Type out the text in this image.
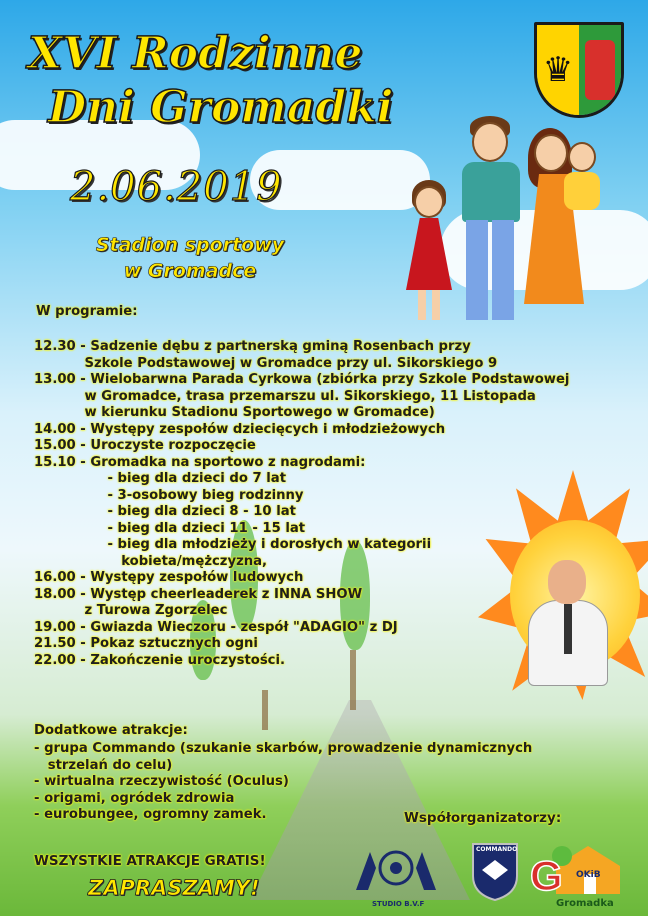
♛
XVI Rodzinne
Dni Gromadki
2.06.2019
Stadion sportowy
w Gromadce
W programie:
12.30 - Sadzenie dębu z partnerską gminą Rosenbach przy
Szkole Podstawowej w Gromadce przy ul. Sikorskiego 9
13.00 - Wielobarwna Parada Cyrkowa (zbiórka przy Szkole Podstawowej
w Gromadce, trasa przemarszu ul. Sikorskiego, 11 Listopada
w kierunku Stadionu Sportowego w Gromadce)
14.00 - Występy zespołów dziecięcych i młodzieżowych
15.00 - Uroczyste rozpoczęcie
15.10 - Gromadka na sportowo z nagrodami:
- bieg dla dzieci do 7 lat
- 3-osobowy bieg rodzinny
- bieg dla dzieci 8 - 10 lat
- bieg dla dzieci 11 - 15 lat
- bieg dla młodzieży i dorosłych w kategorii
kobieta/mężczyzna,
16.00 - Występy zespołów ludowych
18.00 - Występ cheerleaderek z INNA SHOW
z Turowa Zgorzelec
19.00 - Gwiazda Wieczoru - zespół "ADAGIO" z DJ
21.50 - Pokaz sztucznych ogni
22.00 - Zakończenie uroczystości.
Dodatkowe atrakcje:
- grupa Commando (szukanie skarbów, prowadzenie dynamicznych
strzelań do celu)
- wirtualna rzeczywistość (Oculus)
- origami, ogródek zdrowia
- eurobungee, ogromny zamek.
WSZYSTKIE ATRAKCJE GRATIS!
ZAPRASZAMY!
Współorganizatorzy:
STUDIO B.V.F
COMMANDO
G OKiB
Gromadka
